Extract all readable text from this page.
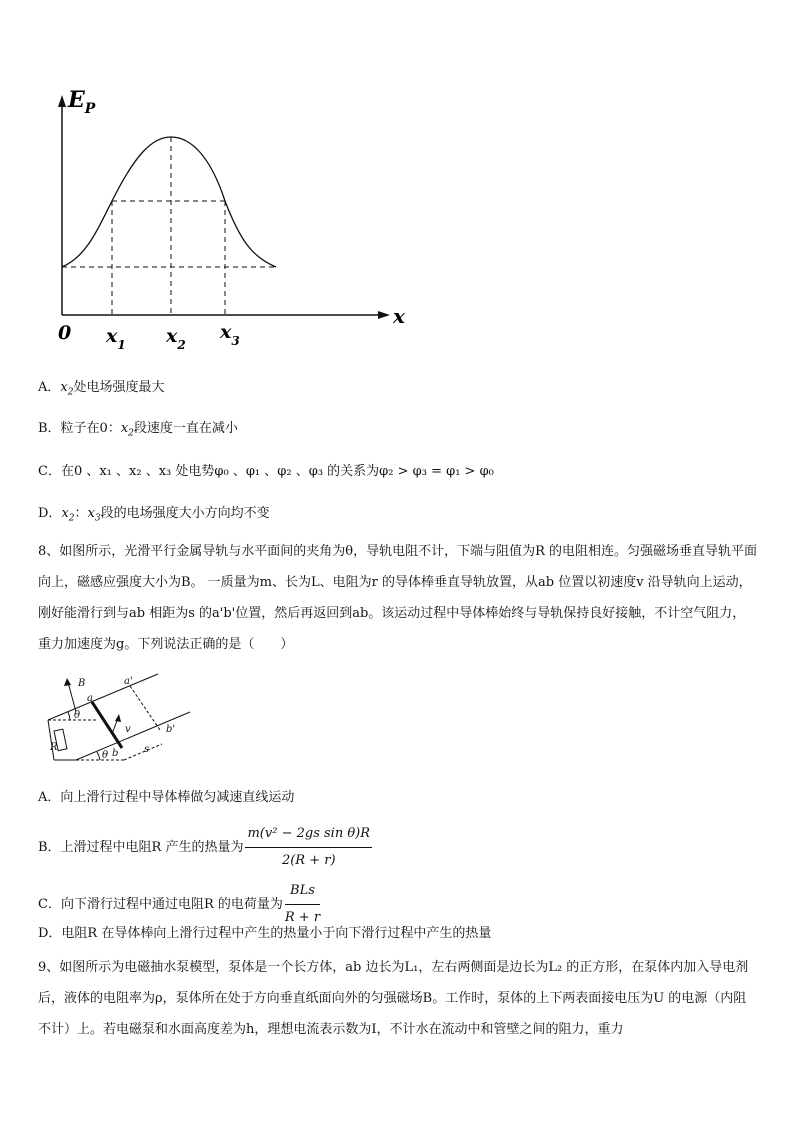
$E_P$
x
0 $x_1$ $x_2$
$x_3$
A．$x_2$处电场强度最大
B．粒子在0：$x_2$段速度一直在减小
C．在0 、x₁ 、x₂ 、x₃ 处电势φ₀ 、φ₁ 、φ₂ 、φ₃ 的关系为φ₂ > φ₃ = φ₁ > φ₀
D．$x_2$：$x_3$段的电场强度大小方向均不变
8、如图所示，光滑平行金属导轨与水平面间的夹角为θ，导轨电阻不计，下端与阻值为R 的电阻相连。匀强磁场垂直导轨平面向上，磁感应强度大小为B。 一质量为m、长为L、电阻为r 的导体棒垂直导轨放置，从ab 位置以初速度v 沿导轨向上运动，刚好能滑行到与ab 相距为s 的a'b'位置，然后再返回到ab。该运动过程中导体棒始终与导轨保持良好接触，不计空气阻力，重力加速度为g。下列说法正确的是（　　）
B
a
a'
θ
v
R
b
b'
s
θ
A．向上滑行过程中导体棒做匀减速直线运动
B．上滑过程中电阻R 产生的热量为 $\frac{\text{m(v² − 2gs sin θ)R}}{2(R + r)}$
C．向下滑行过程中通过电阻R 的电荷量为 $\frac{\text{BLs}}{R + r}$
D．电阻R 在导体棒向上滑行过程中产生的热量小于向下滑行过程中产生的热量
9、如图所示为电磁抽水泵模型，泵体是一个长方体，ab 边长为L₁，左右两侧面是边长为L₂ 的正方形，在泵体内加入导电剂后，液体的电阻率为ρ，泵体所在处于方向垂直纸面向外的匀强磁场B。工作时，泵体的上下两表面接电压为U 的电源（内阻不计）上。若电磁泵和水面高度差为h，理想电流表示数为I，不计水在流动中和管壁之间的阻力，重力
